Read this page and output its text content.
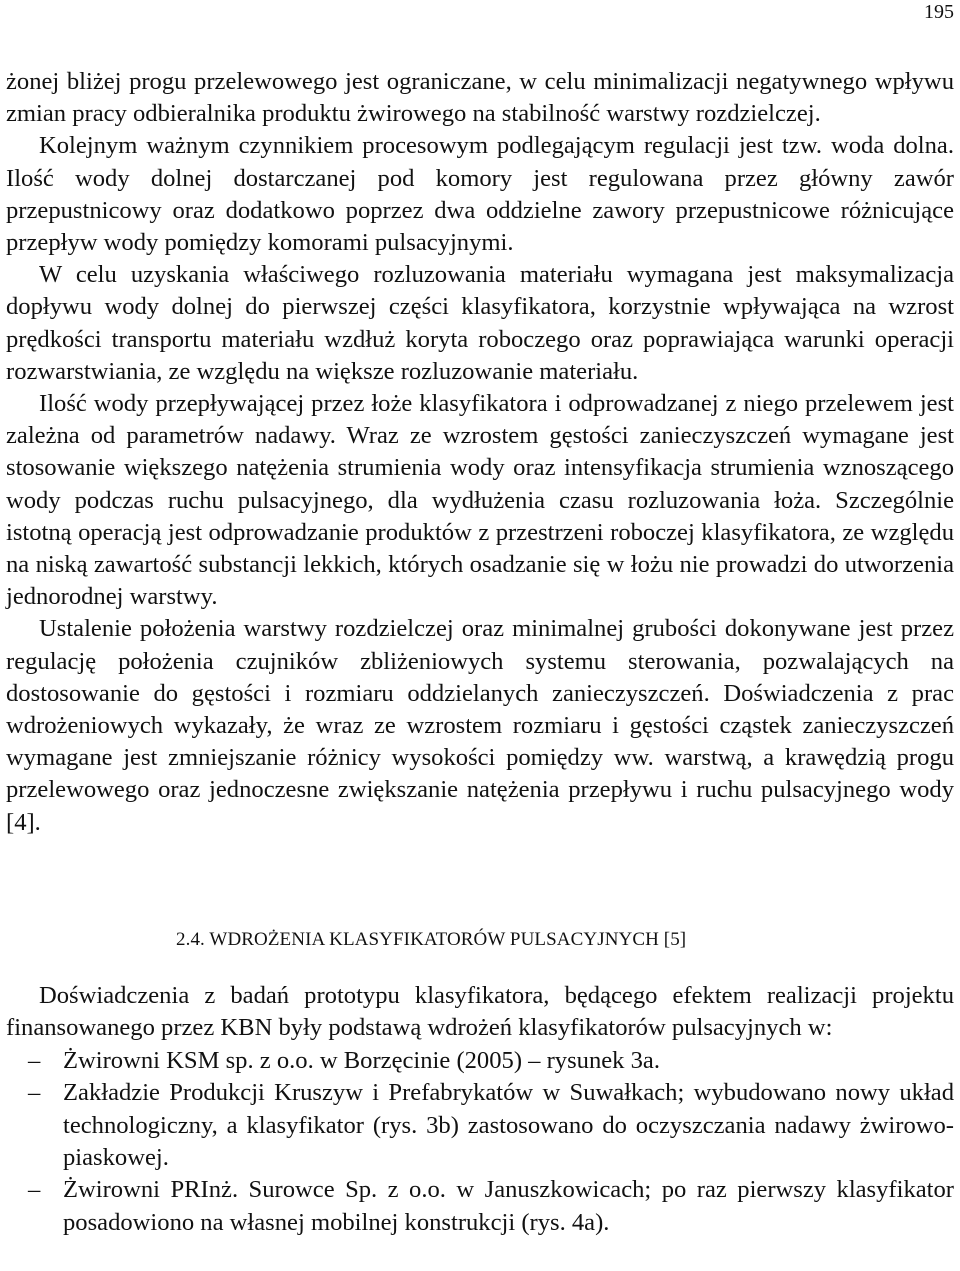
195

żonej bliżej progu przelewowego jest ograniczane, w celu minimalizacji negatywnego wpływu zmian pracy odbieralnika produktu żwirowego na stabilność warstwy rozdzielczej.

Kolejnym ważnym czynnikiem procesowym podlegającym regulacji jest tzw. woda dolna. Ilość wody dolnej dostarczanej pod komory jest regulowana przez główny zawór przepustnicowy oraz dodatkowo poprzez dwa oddzielne zawory przepustnicowe różnicujące przepływ wody pomiędzy komorami pulsacyjnymi.

W celu uzyskania właściwego rozluzowania materiału wymagana jest maksymalizacja dopływu wody dolnej do pierwszej części klasyfikatora, korzystnie wpływająca na wzrost prędkości transportu materiału wzdłuż koryta roboczego oraz poprawiająca warunki operacji rozwarstwiania, ze względu na większe rozluzowanie materiału.

Ilość wody przepływającej przez łoże klasyfikatora i odprowadzanej z niego przelewem jest zależna od parametrów nadawy. Wraz ze wzrostem gęstości zanieczyszczeń wymagane jest stosowanie większego natężenia strumienia wody oraz intensyfikacja strumienia wznoszącego wody podczas ruchu pulsacyjnego, dla wydłużenia czasu rozluzowania łoża. Szczególnie istotną operacją jest odprowadzanie produktów z przestrzeni roboczej klasyfikatora, ze względu na niską zawartość substancji lekkich, których osadzanie się w łożu nie prowadzi do utworzenia jednorodnej warstwy.

Ustalenie położenia warstwy rozdzielczej oraz minimalnej grubości dokonywane jest przez regulację położenia czujników zbliżeniowych systemu sterowania, pozwalających na dostosowanie do gęstości i rozmiaru oddzielanych zanieczyszczeń. Doświadczenia z prac wdrożeniowych wykazały, że wraz ze wzrostem rozmiaru i gęstości cząstek zanieczyszczeń wymagane jest zmniejszanie różnicy wysokości pomiędzy ww. warstwą, a krawędzią progu przelewowego oraz jednoczesne zwiększanie natężenia przepływu i ruchu pulsacyjnego wody [4].

2.4. WDROŻENIA KLASYFIKATORÓW PULSACYJNYCH [5]

Doświadczenia z badań prototypu klasyfikatora, będącego efektem realizacji projektu finansowanego przez KBN były podstawą wdrożeń klasyfikatorów pulsacyjnych w:

– Żwirowni KSM sp. z o.o. w Borzęcinie (2005) – rysunek 3a.
– Zakładzie Produkcji Kruszyw i Prefabrykatów w Suwałkach; wybudowano nowy układ technologiczny, a klasyfikator (rys. 3b) zastosowano do oczyszczania nadawy żwirowo-piaskowej.
– Żwirowni PRInż. Surowce Sp. z o.o. w Januszkowicach; po raz pierwszy klasyfikator posadowiono na własnej mobilnej konstrukcji (rys. 4a).
